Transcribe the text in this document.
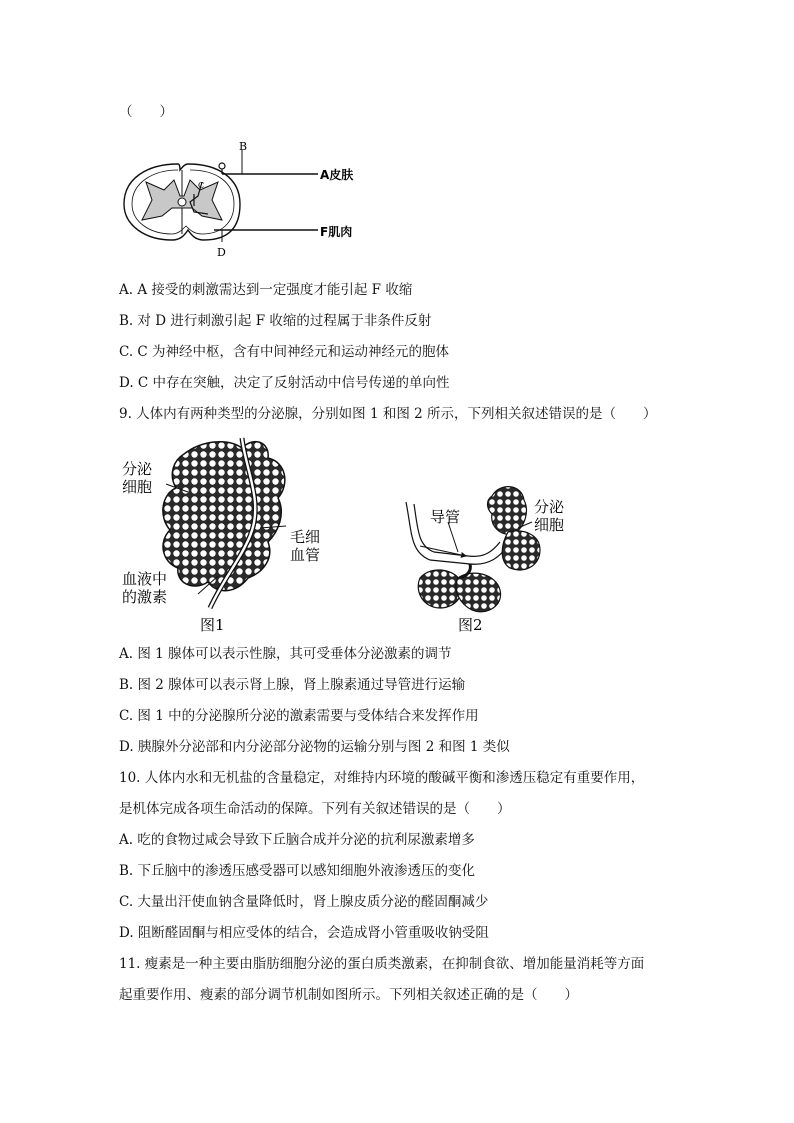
（　　）
B
A皮肤
F肌肉
D
C
A. A 接受的刺激需达到一定强度才能引起 F 收缩
B. 对 D 进行刺激引起 F 收缩的过程属于非条件反射
C. C 为神经中枢，含有中间神经元和运动神经元的胞体
D. C 中存在突触，决定了反射活动中信号传递的单向性
9. 人体内有两种类型的分泌腺，分别如图 1 和图 2 所示，下列相关叙述错误的是（　　）
分泌
细胞
毛细
血管
血液中
的激素
图1
导管
分泌
细胞
图2
A. 图 1 腺体可以表示性腺，其可受垂体分泌激素的调节
B. 图 2 腺体可以表示肾上腺，肾上腺素通过导管进行运输
C. 图 1 中的分泌腺所分泌的激素需要与受体结合来发挥作用
D. 胰腺外分泌部和内分泌部分泌物的运输分别与图 2 和图 1 类似
10. 人体内水和无机盐的含量稳定，对维持内环境的酸碱平衡和渗透压稳定有重要作用，
是机体完成各项生命活动的保障。下列有关叙述错误的是（　　）
A. 吃的食物过咸会导致下丘脑合成并分泌的抗利尿激素增多
B. 下丘脑中的渗透压感受器可以感知细胞外液渗透压的变化
C. 大量出汗使血钠含量降低时，肾上腺皮质分泌的醛固酮减少
D. 阻断醛固酮与相应受体的结合，会造成肾小管重吸收钠受阻
11. 瘦素是一种主要由脂肪细胞分泌的蛋白质类激素，在抑制食欲、增加能量消耗等方面
起重要作用、瘦素的部分调节机制如图所示。下列相关叙述正确的是（　　）
